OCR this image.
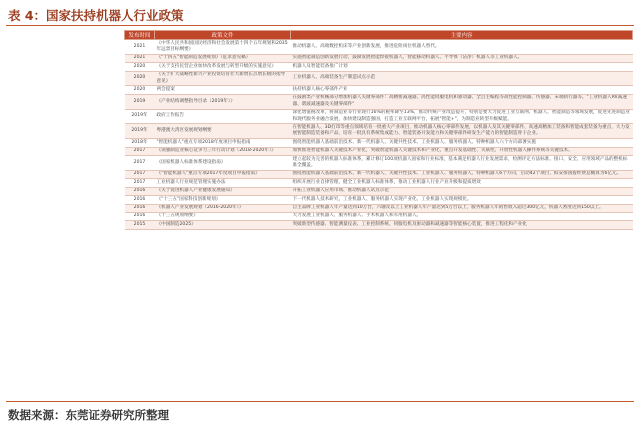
表 4：国家扶持机器人行业政策
发布时间	政策文件	主要内容
2021	《中华人民共和国国民经济和社会发展第十四个五年规划和2035年远景目标纲要》	推动机器人、高端数控机床等产业创新发展，推进危险岗位机器人替代。
2021	《"十四五"智能制造发展规划》（征求意见稿）	实施智能制造创新发展行动，鼓励发展智能焊接机器人、智能移动机器人、半导体（洁净）机器人等工业机器人。
2020	《关于支持民营企业加快改革发展与转型升级的实施意见》	机器人及智能装备推广计划
2020	《关于扩大战略性新兴产业投资培育壮大新增长点增长极的指导意见》	工业机器人、高端装备生产制造试点示范
2020	两会提案	扶持机器人核心零部件产业
2019	《产业结构调整指导目录（2019年）》	在鼓励类产业机械部分增加机器人关键零部件：高精密减速器、高性能伺服电机和驱动器、全自主编程等高性能控制器、传感器、末端执行器等。"工业机器人RV减速器、谐波减速器及关键零部件"
2019年	政府工作报告	深化增值税改革，将制造业等行业现行16%的税率降至13%，推动传统产业改造提升，特别是要大力促进工业互联网、机器人、智能制造等领域发展，促进先进制造业和现代服务业融合发展，加快建设制造强国，打造工业互联网平台，拓展"智能+"，为制造业转型升级赋能。
2019年	粤港澳大湾区发展规划纲要	在智能机器人、3D打印等重点领域培育一批重大产业项目，推动机器人核心零部件发展，以机器人及其关键零部件、高速高精加工装备和智能成套装备为重点，大力发展智能制造装备和产品，培育一批具有系统集成能力、智能装备开发能力和关键零部件研发生产能力的智能制造骨干企业。
2018年	"智能机器人"重点专项2018年度项目申报指南	围绕智能机器人基础前沿技术、新一代机器人、关键共性技术、工业机器人、服务机器人、特种机器人六个方向部署实施
2017	《领强制造业核心竞争力三年行动计划（2018-2020年）》	加快推进智能机器人关键技术产业化，突破智能机器人关键技术和产业化，重点开发基础性、关联性、开放性机器人操作系统等关键技术。
2017	《国家机器人标准体系建设指南》	建立起较为完善的机器人标准体系，累计修订100项机器人国家和行业标准，基本满足机器人行业发展需求，检测评定方法标准、接口、安全、应用领域产品的整机标准全覆盖。
2017	《"智能机器人"重点专项2017年度项目申报指南》	围绕智能机器人基础前沿技术、新一代机器人、关键共性技术、工业机器人、服务机器人、特种机器人6个方向，启动42个项目，拟安排国拨经费总概算为6亿元。
2017	工业机器人行业规范管理实施办法	组织开展行业自律管理，健全工业机器人标准体系，推动工业机器人行业产业升级和提质增效
2016	《关于促进机器人产业健康发展通知》	开拓工业机器人应用市场、推动机器人试点示范
2016	《"十三五"国家科技创新规划》	下一代机器人技术研究，工业机器人、服务机器人实现产业化、工业机器人实现规模化。
2016	《机器人产业发展规划（2016-2020年）》	自主品牌工业机器人年产量达到10万台，六轴及以上工业机器人年产量达到5万台以上，服务机器人年销售收入超过300亿元，机器人密度达到150以上。
2016	《十三五规划纲要》	大力发展工业机器人、服务机器人、手术机器人和军用机器人。
2015	《中国制造2025》	突破新型传感器、智能测量仪表、工业控制系统、伺服电机及驱动器和减速器等智能核心装置，推进工程化和产业化
数据来源：东莞证券研究所整理
